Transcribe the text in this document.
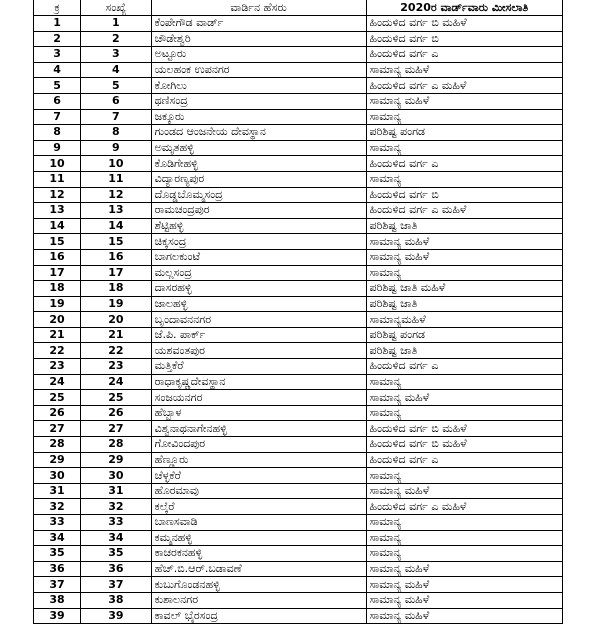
ಕ್ರ	ಸಂಖ್ಯೆ	ವಾರ್ಡಿನ ಹೆಸರು	2020ರ ವಾರ್ಡ್‌ವಾರು ಮೀಸಲಾತಿ
1	1	ಕೆಂಪೇಗೌಡ ವಾರ್ಡ್	ಹಿಂದುಳಿದ ವರ್ಗ ಬಿ ಮಹಿಳೆ
2	2	ಚೌಡೇಶ್ವರಿ	ಹಿಂದುಳಿದ ವರ್ಗ ಬಿ
3	3	ಅಟ್ಟೂರು	ಹಿಂದುಳಿದ ವರ್ಗ ಎ
4	4	ಯಲಹಂಕ ಉಪನಗರ	ಸಾಮಾನ್ಯ ಮಹಿಳೆ
5	5	ಕೋಗಿಲು	ಹಿಂದುಳಿದ ವರ್ಗ ಎ ಮಹಿಳೆ
6	6	ಥಣಿಸಂದ್ರ	ಸಾಮಾನ್ಯ ಮಹಿಳೆ
7	7	ಜಕ್ಕೂರು	ಸಾಮಾನ್ಯ
8	8	ಗುಂಡದ ಆಂಜನೇಯ ದೇವಸ್ಥಾನ	ಪರಿಶಿಷ್ಟ ಪಂಗಡ
9	9	ಅಮೃತಹಳ್ಳಿ	ಸಾಮಾನ್ಯ
10	10	ಕೊಡಿಗೇಹಳ್ಳಿ	ಹಿಂದುಳಿದ ವರ್ಗ ಎ
11	11	ವಿದ್ಯಾರಣ್ಯಪುರ	ಸಾಮಾನ್ಯ
12	12	ದೊಡ್ಡಬೊಮ್ಮಸಂದ್ರ	ಹಿಂದುಳಿದ ವರ್ಗ ಬಿ
13	13	ರಾಮಚಂದ್ರಪುರ	ಹಿಂದುಳಿದ ವರ್ಗ ಎ ಮಹಿಳೆ
14	14	ಶೆಟ್ಟಿಹಳ್ಳಿ	ಪರಿಶಿಷ್ಟ ಜಾತಿ
15	15	ಚಿಕ್ಕಸಂದ್ರ	ಸಾಮಾನ್ಯ ಮಹಿಳೆ
16	16	ಬಾಗಲಕುಂಟೆ	ಸಾಮಾನ್ಯ ಮಹಿಳೆ
17	17	ಮಲ್ಲಸಂದ್ರ	ಸಾಮಾನ್ಯ
18	18	ದಾಸರಹಳ್ಳಿ	ಪರಿಶಿಷ್ಟ ಜಾತಿ ಮಹಿಳೆ
19	19	ಜಾಲಹಳ್ಳಿ	ಪರಿಶಿಷ್ಟ ಜಾತಿ
20	20	ಬೃಂದಾವನನಗರ	ಸಾಮಾನ್ಯಮಹಿಳೆ
21	21	ಜೆ.ಪಿ. ಪಾರ್ಕ್	ಪರಿಶಿಷ್ಟ ಪಂಗಡ
22	22	ಯಶವಂತಪುರ	ಪರಿಶಿಷ್ಟ ಜಾತಿ
23	23	ಮತ್ತಿಕೆರೆ	ಹಿಂದುಳಿದ ವರ್ಗ ಎ
24	24	ರಾಧಾಕೃಷ್ಣದೇವಸ್ಥಾನ	ಸಾಮಾನ್ಯ
25	25	ಸಂಜಯನಗರ	ಸಾಮಾನ್ಯ ಮಹಿಳೆ
26	26	ಹೆಬ್ಬಾಳ	ಸಾಮಾನ್ಯ
27	27	ವಿಶ್ವನಾಥನಾಗೇನಹಳ್ಳಿ	ಹಿಂದುಳಿದ ವರ್ಗ ಬಿ ಮಹಿಳೆ
28	28	ಗೋವಿಂದಪುರ	ಹಿಂದುಳಿದ ವರ್ಗ ಬಿ ಮಹಿಳೆ
29	29	ಹೆಣ್ಣೂರು	ಹಿಂದುಳಿದ ವರ್ಗ ಎ
30	30	ಚೆಳ್ಳಕೆರೆ	ಸಾಮಾನ್ಯ
31	31	ಹೊರಮಾವು	ಸಾಮಾನ್ಯ ಮಹಿಳೆ
32	32	ಕಲ್ಕೆರೆ	ಹಿಂದುಳಿದ ವರ್ಗ ಎ ಮಹಿಳೆ
33	33	ಬಾಣಸವಾಡಿ	ಸಾಮಾನ್ಯ
34	34	ಕಮ್ಮನಹಳ್ಳಿ	ಸಾಮಾನ್ಯ
35	35	ಕಾಚರಕನಹಳ್ಳಿ	ಸಾಮಾನ್ಯ
36	36	ಹೆಚ್.ಬಿ.ಆರ್.ಬಡಾವಣೆ	ಸಾಮಾನ್ಯ ಮಹಿಳೆ
37	37	ಕುಬುಗೊಂಡನಹಳ್ಳಿ	ಸಾಮಾನ್ಯ ಮಹಿಳೆ
38	38	ಕುಶಾಲನಗರ	ಸಾಮಾನ್ಯ ಮಹಿಳೆ
39	39	ಕಾವಲ್ ಭೈರಸಂದ್ರ	ಸಾಮಾನ್ಯ ಮಹಿಳೆ
